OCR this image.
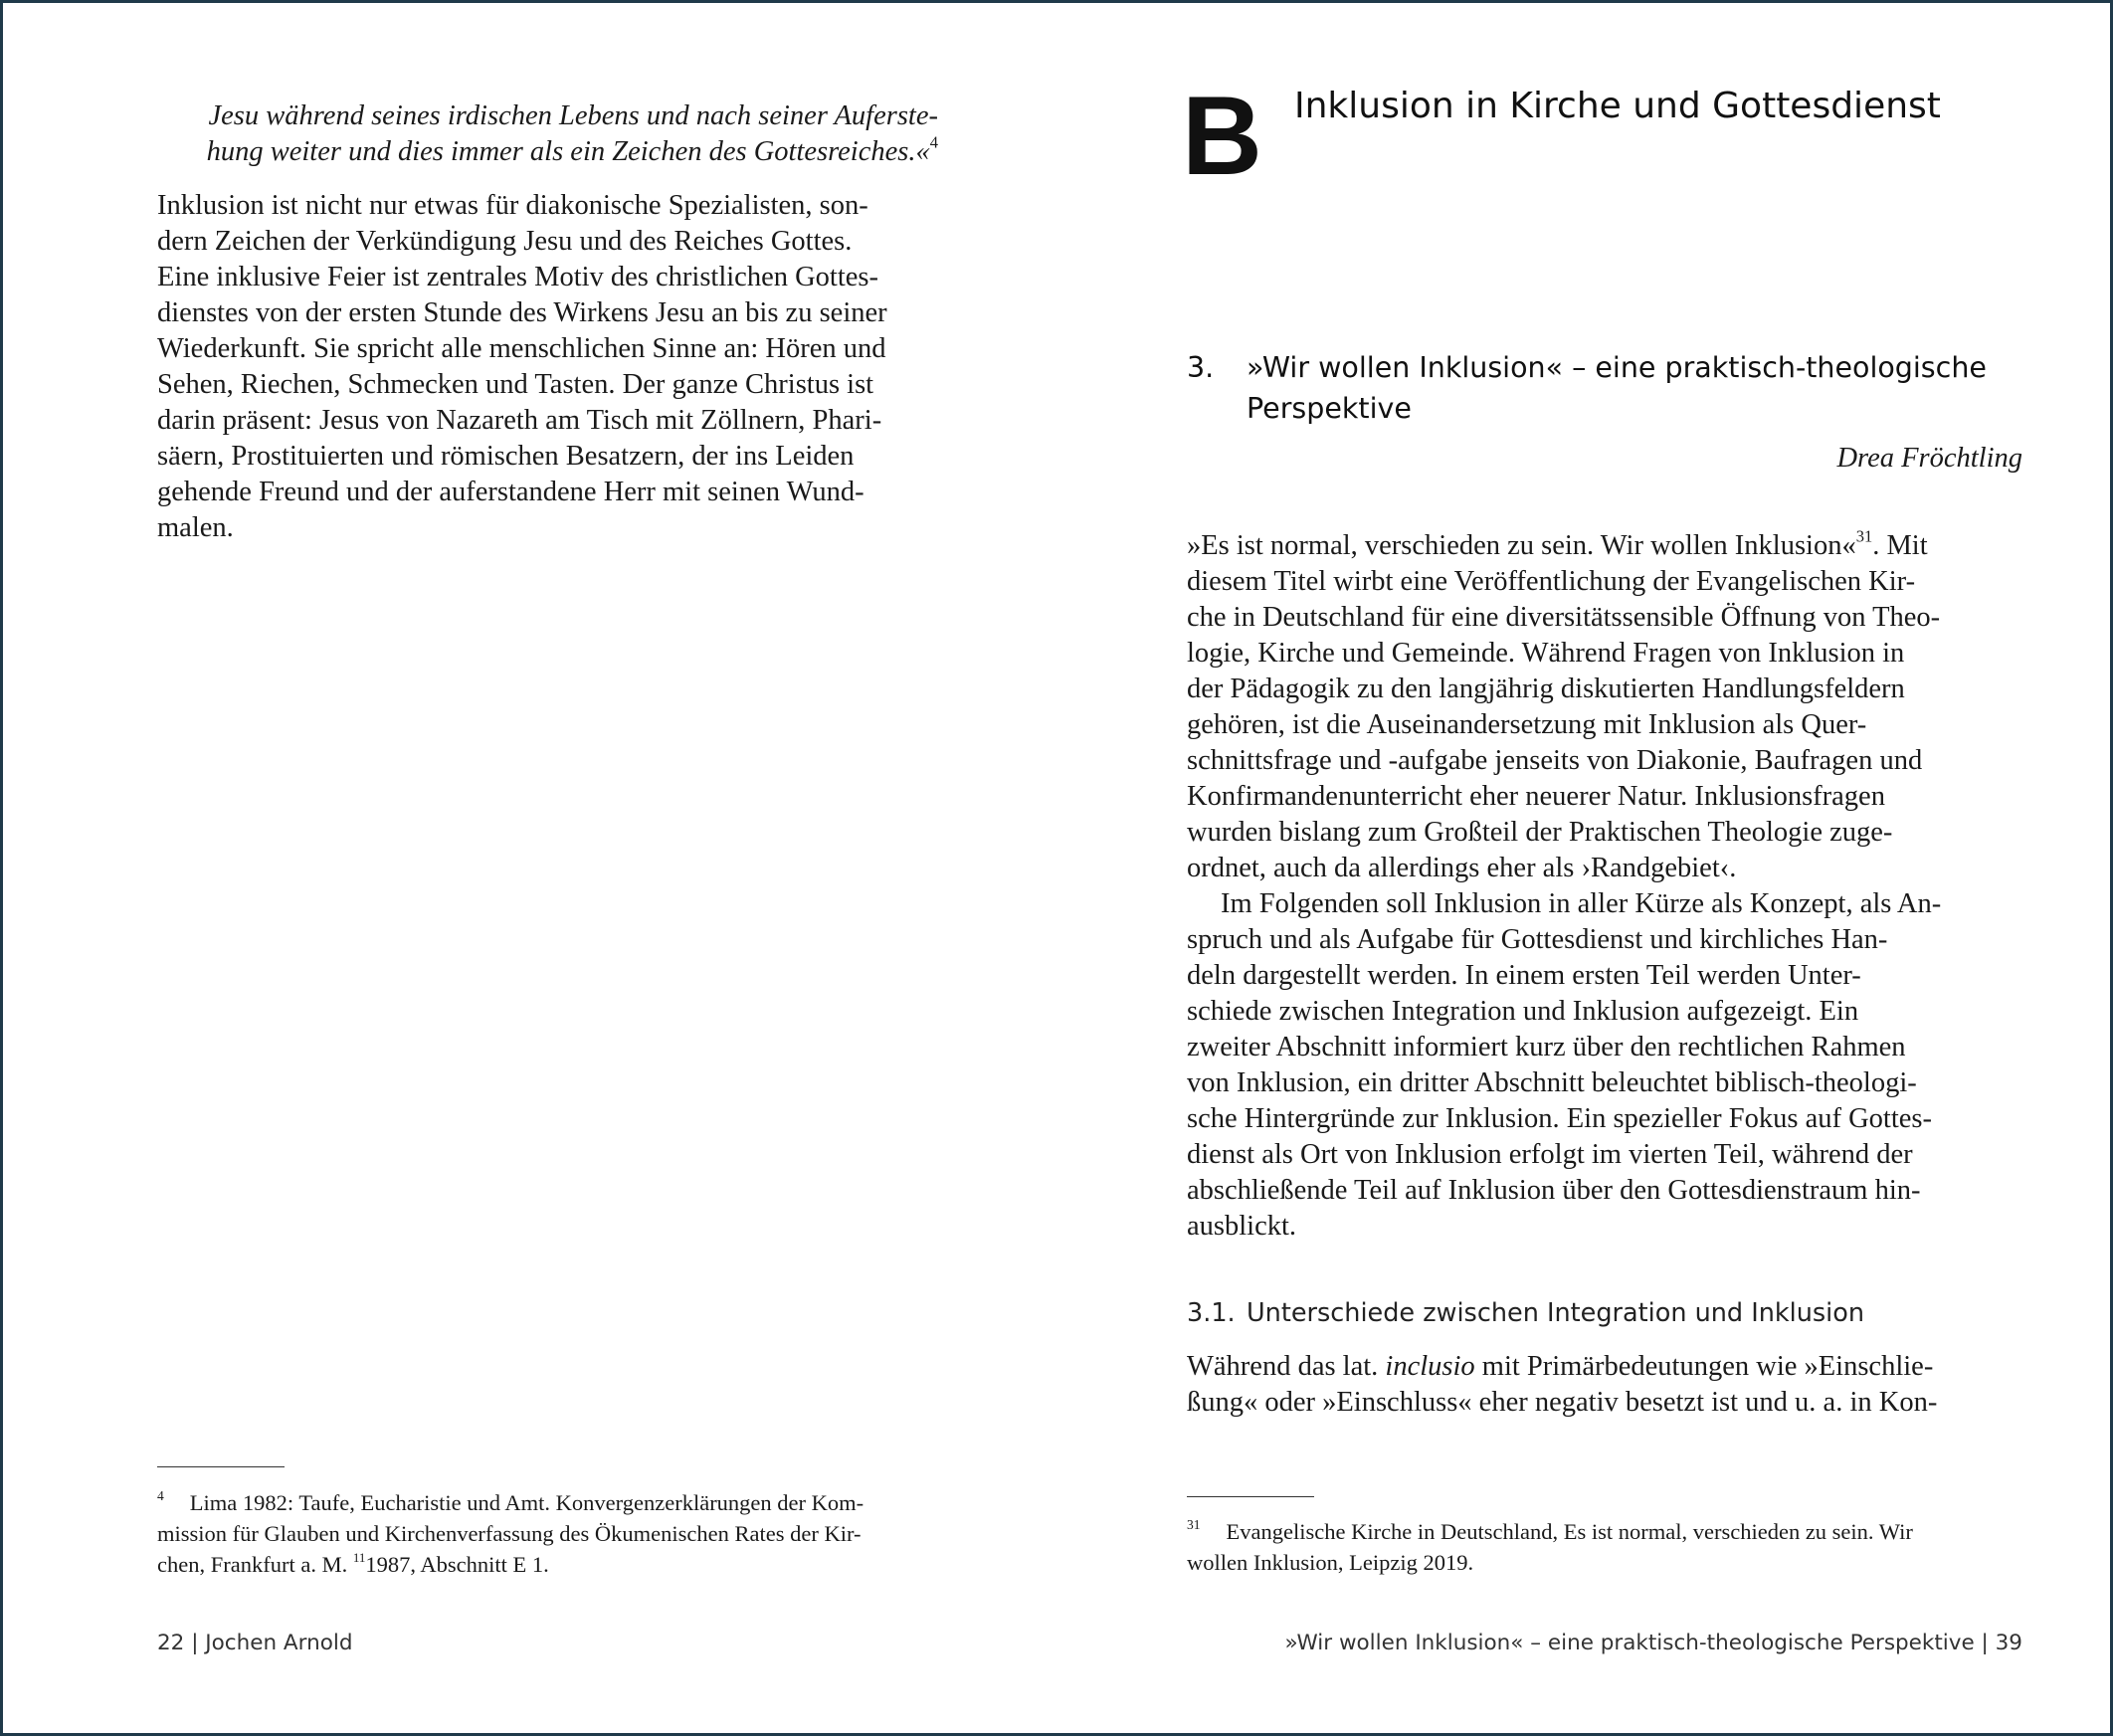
Jesu während seines irdischen Lebens und nach seiner Auferste-

hung weiter und dies immer als ein Zeichen des Gottesreiches.«$^4$

Inklusion ist nicht nur etwas für diakonische Spezialisten, son-

dern Zeichen der Verkündigung Jesu und des Reiches Gottes.

Eine inklusive Feier ist zentrales Motiv des christlichen Gottes-

dienstes von der ersten Stunde des Wirkens Jesu an bis zu seiner

Wiederkunft. Sie spricht alle menschlichen Sinne an: Hören und

Sehen, Riechen, Schmecken und Tasten. Der ganze Christus ist

darin präsent: Jesus von Nazareth am Tisch mit Zöllnern, Phari-

säern, Prostituierten und römischen Besatzern, der ins Leiden

gehende Freund und der auferstandene Herr mit seinen Wund-

malen.

$^4$ Lima 1982: Taufe, Eucharistie und Amt. Konvergenzerklärungen der Kom-

mission für Glauben und Kirchenverfassung des Ökumenischen Rates der Kir-

chen, Frankfurt a. M. $^{11}$1987, Abschnitt E 1.

22 | Jochen Arnold
B Inklusion in Kirche und Gottesdienst
3. »Wir wollen Inklusion« – eine praktisch-theologische
Perspektive
Drea Fröchtling

»Es ist normal, verschieden zu sein. Wir wollen Inklusion«$^{31}$. Mit

diesem Titel wirbt eine Veröffentlichung der Evangelischen Kir-

che in Deutschland für eine diversitätssensible Öffnung von Theo-

logie, Kirche und Gemeinde. Während Fragen von Inklusion in

der Pädagogik zu den langjährig diskutierten Handlungsfeldern

gehören, ist die Auseinandersetzung mit Inklusion als Quer-

schnittsfrage und -aufgabe jenseits von Diakonie, Baufragen und

Konfirmandenunterricht eher neuerer Natur. Inklusionsfragen

wurden bislang zum Großteil der Praktischen Theologie zuge-

ordnet, auch da allerdings eher als ›Randgebiet‹.

Im Folgenden soll Inklusion in aller Kürze als Konzept, als An-

spruch und als Aufgabe für Gottesdienst und kirchliches Han-

deln dargestellt werden. In einem ersten Teil werden Unter-

schiede zwischen Integration und Inklusion aufgezeigt. Ein

zweiter Abschnitt informiert kurz über den rechtlichen Rahmen

von Inklusion, ein dritter Abschnitt beleuchtet biblisch-theologi-

sche Hintergründe zur Inklusion. Ein spezieller Fokus auf Gottes-

dienst als Ort von Inklusion erfolgt im vierten Teil, während der

abschließende Teil auf Inklusion über den Gottesdienstraum hin-

ausblickt.

3.1. Unterschiede zwischen Integration und Inklusion

Während das lat. inclusio mit Primärbedeutungen wie »Einschlie-

ßung« oder »Einschluss« eher negativ besetzt ist und u. a. in Kon-

$^{31}$ Evangelische Kirche in Deutschland, Es ist normal, verschieden zu sein. Wir

wollen Inklusion, Leipzig 2019.

»Wir wollen Inklusion« – eine praktisch-theologische Perspektive | 39
